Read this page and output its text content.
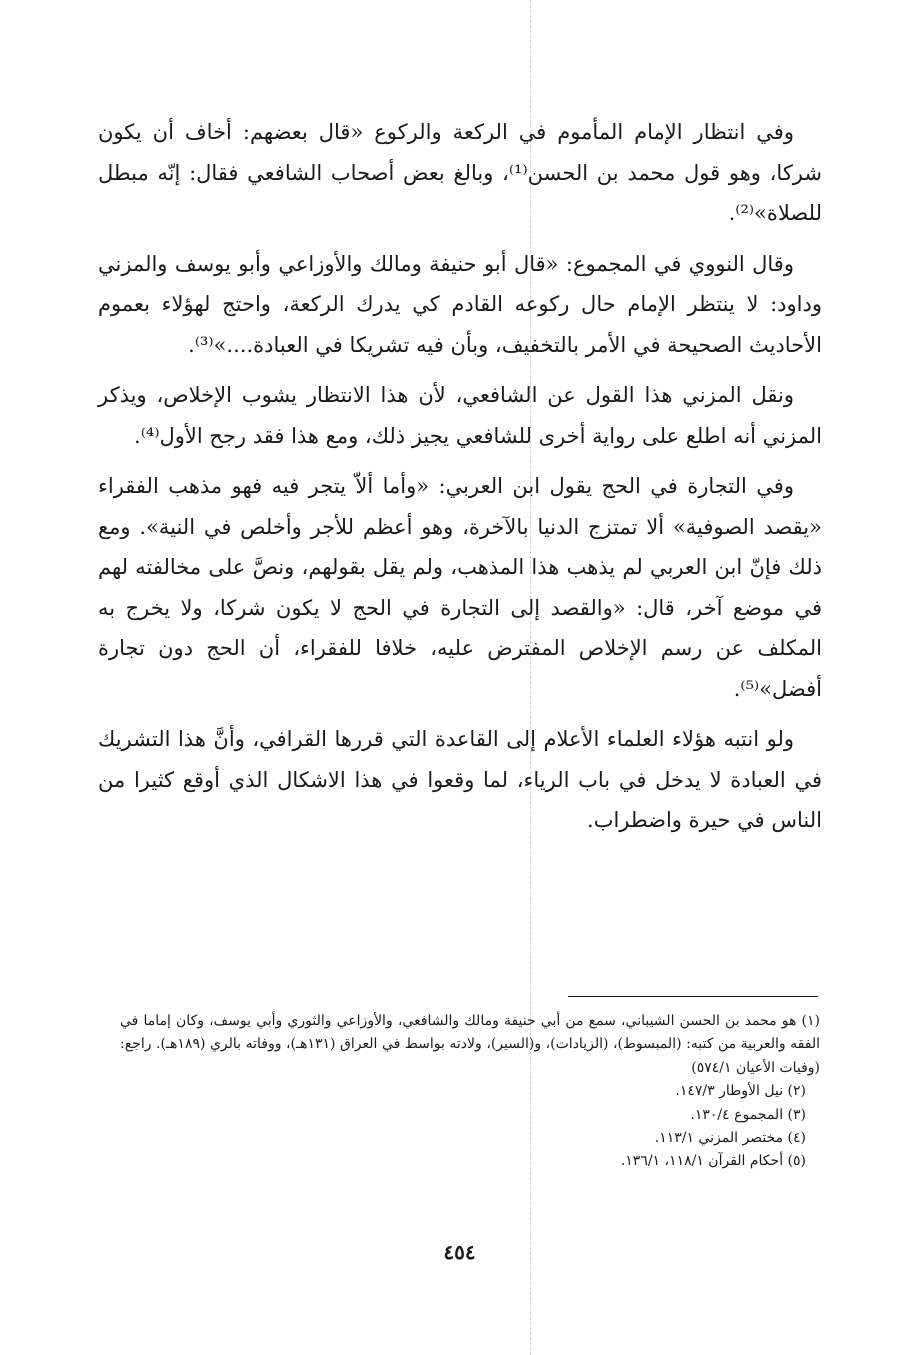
وفي انتظار الإمام المأموم في الركعة والركوع «قال بعضهم: أخاف أن يكون شركا، وهو قول محمد بن الحسن⁽¹⁾، وبالغ بعض أصحاب الشافعي فقال: إنّه مبطل للصلاة»⁽²⁾.

وقال النووي في المجموع: «قال أبو حنيفة ومالك والأوزاعي وأبو يوسف والمزني وداود: لا ينتظر الإمام حال ركوعه القادم كي يدرك الركعة، واحتج لهؤلاء بعموم الأحاديث الصحيحة في الأمر بالتخفيف، وبأن فيه تشريكا في العبادة....»⁽³⁾.

ونقل المزني هذا القول عن الشافعي، لأن هذا الانتظار يشوب الإخلاص، ويذكر المزني أنه اطلع على رواية أخرى للشافعي يجيز ذلك، ومع هذا فقد رجح الأول⁽⁴⁾.

وفي التجارة في الحج يقول ابن العربي: «وأما ألاّ يتجر فيه فهو مذهب الفقراء «يقصد الصوفية» ألا تمتزج الدنيا بالآخرة، وهو أعظم للأجر وأخلص في النية». ومع ذلك فإنّ ابن العربي لم يذهب هذا المذهب، ولم يقل بقولهم، ونصَّ على مخالفته لهم في موضع آخر، قال: «والقصد إلى التجارة في الحج لا يكون شركا، ولا يخرج به المكلف عن رسم الإخلاص المفترض عليه، خلافا للفقراء، أن الحج دون تجارة أفضل»⁽⁵⁾.

ولو انتبه هؤلاء العلماء الأعلام إلى القاعدة التي قررها القرافي، وأنَّ هذا التشريك في العبادة لا يدخل في باب الرياء، لما وقعوا في هذا الاشكال الذي أوقع كثيرا من الناس في حيرة واضطراب.

(١) هو محمد بن الحسن الشيباني، سمع من أبي حنيفة ومالك والشافعي، والأوزاعي والثوري وأبي يوسف، وكان إماما في الفقه والعربية من كتبه: (المبسوط)، (الزيادات)، و(السير)، ولادته بواسط في العراق (١٣١هـ)، ووفاته بالري (١٨٩هـ). راجع: (وفيات الأعيان ٥٧٤/١)

(٢) نيل الأوطار ١٤٧/٣.

(٣) المجموع ١٣٠/٤.

(٤) مختصر المزني ١١٣/١.

(٥) أحكام القرآن ١١٨/١، ١٣٦/١.

٤٥٤
